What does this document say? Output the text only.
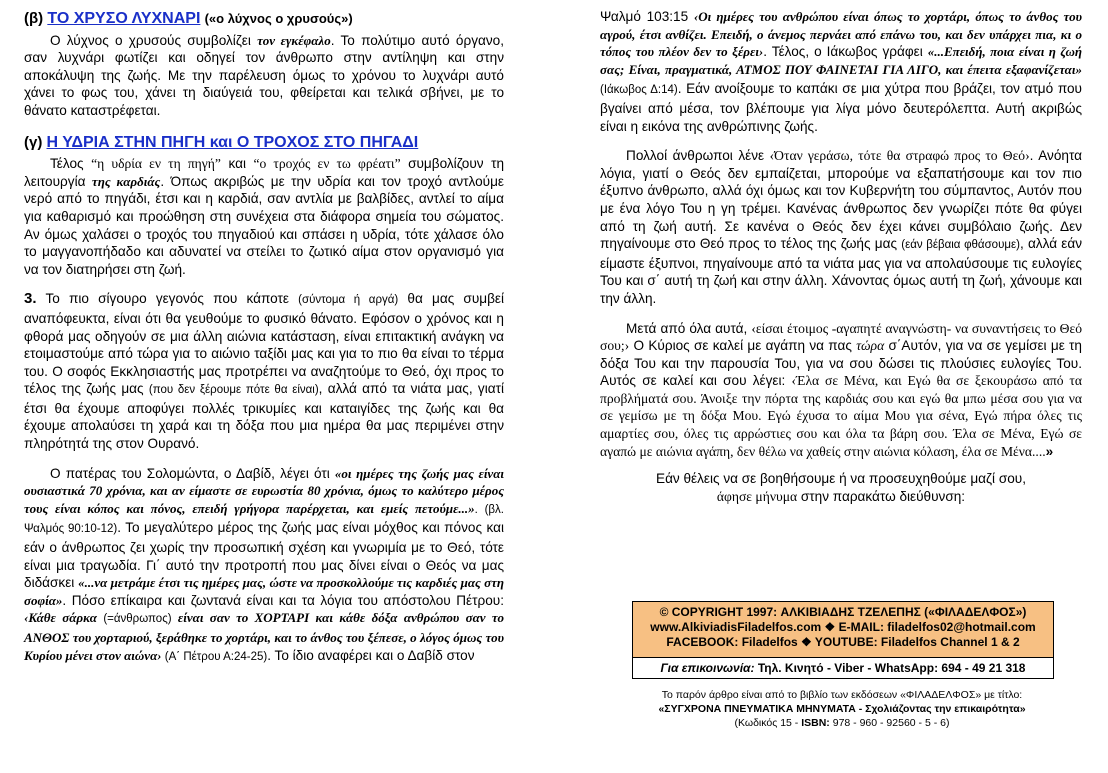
(β) ΤΟ ΧΡΥΣΟ ΛΥΧΝΑΡΙ («ο λύχνος ο χρυσούς»)

Ο λύχνος ο χρυσούς συμβολίζει τον εγκέφαλο. Το πολύτιμο αυτό όργανο, σαν λυχνάρι φωτίζει και οδηγεί τον άνθρωπο στην αντίληψη και στην αποκάλυψη της ζωής. Με την παρέλευση όμως το χρόνου το λυχνάρι αυτό χάνει το φως του, χάνει τη διαύγειά του, φθείρεται και τελικά σβήνει, με το θάνατο καταστρέφεται.

(γ) Η ΥΔΡΙΑ ΣΤΗΝ ΠΗΓΗ και Ο ΤΡΟΧΟΣ ΣΤΟ ΠΗΓΑΔΙ

Τέλος “η υδρία εν τη πηγή” και “ο τροχός εν τω φρέατι” συμβολίζουν τη λειτουργία της καρδιάς. Όπως ακριβώς με την υδρία και τον τροχό αντλούμε νερό από το πηγάδι, έτσι και η καρδιά, σαν αντλία με βαλβίδες, αντλεί το αίμα για καθαρισμό και προώθηση στη συνέχεια στα διάφορα σημεία του σώματος. Αν όμως χαλάσει ο τροχός του πηγαδιού και σπάσει η υδρία, τότε χάλασε όλο το μαγγανοπήδαδο και αδυνατεί να στείλει το ζωτικό αίμα στον οργανισμό για να τον διατηρήσει στη ζωή.

3. Το πιο σίγουρο γεγονός που κάποτε (σύντομα ή αργά) θα μας συμβεί αναπόφευκτα, είναι ότι θα γευθούμε το φυσικό θάνατο. Εφόσον ο χρόνος και η φθορά μας οδηγούν σε μια άλλη αιώνια κατάσταση, είναι επιτακτική ανάγκη να ετοιμαστούμε από τώρα για το αιώνιο ταξίδι μας και για το πιο θα είναι το τέρμα του. Ο σοφός Εκκλησιαστής μας προτρέπει να αναζητούμε το Θεό, όχι προς το τέλος της ζωής μας (που δεν ξέρουμε πότε θα είναι), αλλά από τα νιάτα μας, γιατί έτσι θα έχουμε αποφύγει πολλές τρικυμίες και καταιγίδες της ζωής και θα έχουμε απολαύσει τη χαρά και τη δόξα που μια ημέρα θα μας περιμένει στην πληρότητά της στον Ουρανό.

Ο πατέρας του Σολομώντα, ο Δαβίδ, λέγει ότι «οι ημέρες της ζωής μας είναι ουσιαστικά 70 χρόνια, και αν είμαστε σε ευρωστία 80 χρόνια, όμως το καλύτερο μέρος τους είναι κόπος και πόνος, επειδή γρήγορα παρέρχεται, και εμείς πετούμε...». (βλ. Ψαλμός 90:10-12). Το μεγαλύτερο μέρος της ζωής μας είναι μόχθος και πόνος και εάν ο άνθρωπος ζει χωρίς την προσωπική σχέση και γνωριμία με το Θεό, τότε είναι μια τραγωδία. Γι΄ αυτό την προτροπή που μας δίνει είναι ο Θεός να μας διδάσκει «...να μετράμε έτσι τις ημέρες μας, ώστε να προσκολλούμε τις καρδιές μας στη σοφία». Πόσο επίκαιρα και ζωντανά είναι και τα λόγια του απόστολου Πέτρου: ‹Κάθε σάρκα (=άνθρωπος) είναι σαν το ΧΟΡΤΑΡΙ και κάθε δόξα ανθρώπου σαν το ΑΝΘΟΣ του χορταριού, ξεράθηκε το χορτάρι, και το άνθος του ξέπεσε, ο λόγος όμως του Κυρίου μένει στον αιώνα› (Α΄ Πέτρου Α:24-25). Το ίδιο αναφέρει και ο Δαβίδ στον

Ψαλμό 103:15 ‹Οι ημέρες του ανθρώπου είναι όπως το χορτάρι, όπως το άνθος του αγρού, έτσι ανθίζει. Επειδή, ο άνεμος περνάει από επάνω του, και δεν υπάρχει πια, κι ο τόπος του πλέον δεν το ξέρει›. Τέλος, ο Ιάκωβος γράφει «...Επειδή, ποια είναι η ζωή σας; Είναι, πραγματικά, ΑΤΜΟΣ ΠΟΥ ΦΑΙΝΕΤΑΙ ΓΙΑ ΛΙΓΟ, και έπειτα εξαφανίζεται» (Ιάκωβος Δ:14). Εάν ανοίξουμε το καπάκι σε μια χύτρα που βράζει, τον ατμό που βγαίνει από μέσα, τον βλέπουμε για λίγα μόνο δευτερόλεπτα. Αυτή ακριβώς είναι η εικόνα της ανθρώπινης ζωής.

Πολλοί άνθρωποι λένε ‹Όταν γεράσω, τότε θα στραφώ προς το Θεό›. Ανόητα λόγια, γιατί ο Θεός δεν εμπαίζεται, μπορούμε να εξαπατήσουμε και τον πιο έξυπνο άνθρωπο, αλλά όχι όμως και τον Κυβερνήτη του σύμπαντος, Αυτόν που με ένα λόγο Του η γη τρέμει. Κανένας άνθρωπος δεν γνωρίζει πότε θα φύγει από τη ζωή αυτή. Σε κανένα ο Θεός δεν έχει κάνει συμβόλαιο ζωής. Δεν πηγαίνουμε στο Θεό προς το τέλος της ζωής μας (εάν βέβαια φθάσουμε), αλλά εάν είμαστε έξυπνοι, πηγαίνουμε από τα νιάτα μας για να απολαύσουμε τις ευλογίες Του και σ΄ αυτή τη ζωή και στην άλλη. Χάνοντας όμως αυτή τη ζωή, χάνουμε και την άλλη.

Μετά από όλα αυτά, ‹είσαι έτοιμος -αγαπητέ αναγνώστη- να συναντήσεις το Θεό σου;› Ο Κύριος σε καλεί με αγάπη να πας τώρα σ΄Αυτόν, για να σε γεμίσει με τη δόξα Του και την παρουσία Του, για να σου δώσει τις πλούσιες ευλογίες Του. Αυτός σε καλεί και σου λέγει: ‹Έλα σε Μένα, και Εγώ θα σε ξεκουράσω από τα προβλήματά σου. Άνοιξε την πόρτα της καρδιάς σου και εγώ θα μπω μέσα σου για να σε γεμίσω με τη δόξα Μου. Εγώ έχυσα το αίμα Μου για σένα, Εγώ πήρα όλες τις αμαρτίες σου, όλες τις αρρώστιες σου και όλα τα βάρη σου. Έλα σε Μένα, Εγώ σε αγαπώ με αιώνια αγάπη, δεν θέλω να χαθείς στην αιώνια κόλαση, έλα σε Μένα....»

Εάν θέλεις να σε βοηθήσουμε ή να προσευχηθούμε μαζί σου,

άφησε μήνυμα στην παρακάτω διεύθυνση:

© COPYRIGHT 1997: ΑΛΚΙΒΙΑΔΗΣ ΤΖΕΛΕΠΗΣ («ΦΙΛΑΔΕΛΦΟΣ»)
www.AlkiviadisFiladelfos.com ❖ E-MAIL: filadelfos02@hotmail.com
FACEBOOK: Filadelfos ❖ YOUTUBE: Filadelfos Channel 1 & 2
Για επικοινωνία: Τηλ. Κινητό - Viber - WhatsApp: 694 - 49 21 318
Το παρόν άρθρο είναι από το βιβλίο των εκδόσεων «ΦΙΛΑΔΕΛΦΟΣ» με τίτλο:
«ΣΥΓΧΡΟΝΑ ΠΝΕΥΜΑΤΙΚΑ ΜΗΝΥΜΑΤΑ - Σχολιάζοντας την επικαιρότητα»
(Κωδικός 15 - ISBN: 978 - 960 - 92560 - 5 - 6)
